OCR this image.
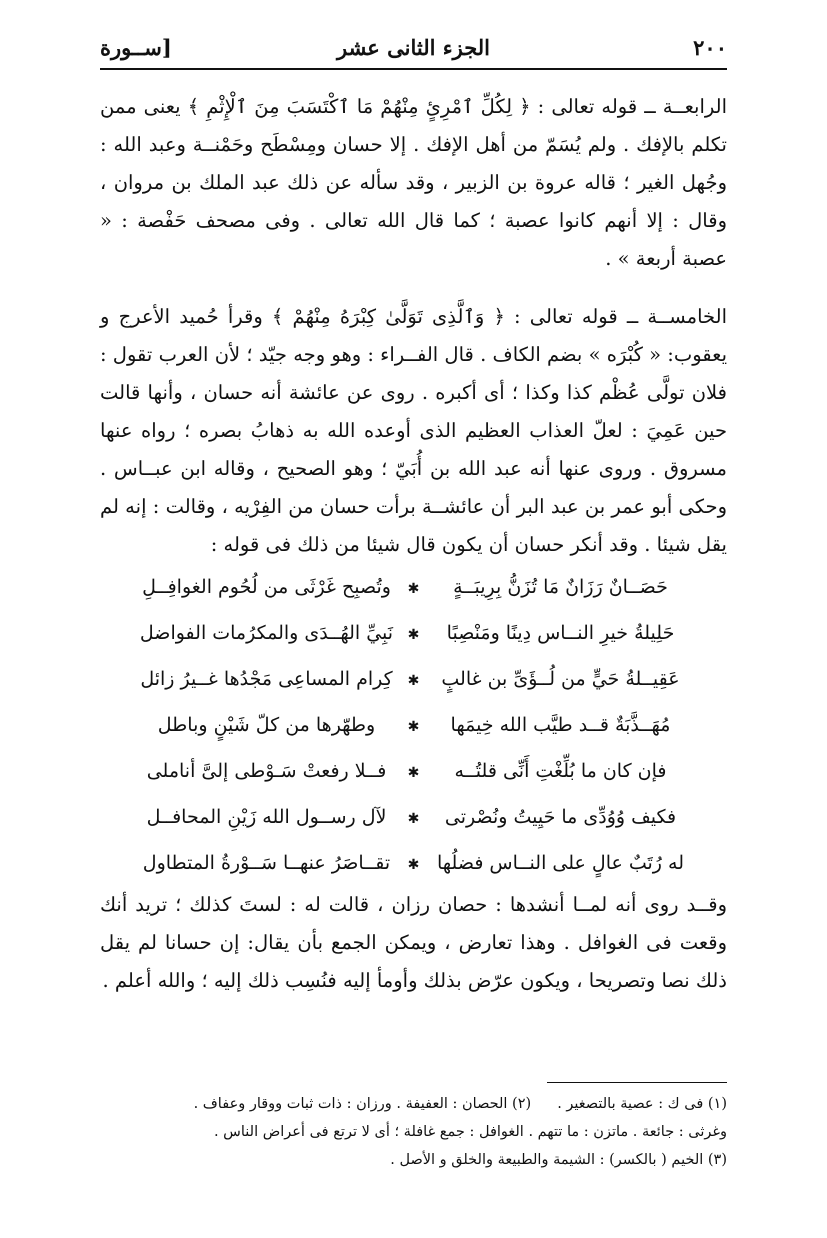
٢٠٠
الجزء الثانى عشر
[ســورة

الرابعــة ــ قوله تعالى : ﴿ لِكُلِّ ٱمْرِئٍ مِنْهُمْ مَا ٱكْتَسَبَ مِنَ ٱلْإِثْمِ ﴾ يعنى ممن تكلم بالإفك . ولم يُسَمّ من أهل الإفك . إلا حسان ومِسْطَح وحَمْنــة وعبد الله : وجُهل الغير ؛ قاله عروة بن الزبير ، وقد سأله عن ذلك عبد الملك بن مروان ، وقال : إلا أنهم كانوا عصبة ؛ كما قال الله تعالى . وفى مصحف حَفْصة : « عصبة أربعة » .

الخامســة ــ قوله تعالى : ﴿ وَٱلَّذِى تَوَلَّىٰ كِبْرَهُ مِنْهُمْ ﴾ وقرأ حُميد الأعرج و يعقوب: « كُبْرَه » بضم الكاف . قال الفــراء : وهو وجه جيّد ؛ لأن العرب تقول : فلان تولَّى عُظْم كذا وكذا ؛ أى أكبره . روى عن عائشة أنه حسان ، وأنها قالت حين عَمِيَ : لعلّ العذاب العظيم الذى أوعده الله به ذهابُ بصره ؛ رواه عنها مسروق . وروى عنها أنه عبد الله بن أُبَيّ ؛ وهو الصحيح ، وقاله ابن عبــاس . وحكى أبو عمر بن عبد البر أن عائشــة برأت حسان من الفِرْيه ، وقالت : إنه لم يقل شيئا . وقد أنكر حسان أن يكون قال شيئا من ذلك فى قوله :

حَصَــانٌ رَزَانٌ مَا تُزَنُّ بِرِيبَــةٍ
✱
وتُصبِح غَرْثَى من لُحُوم الغوافِــلِ
حَلِيلةُ خيرِ النــاس دِينًا ومَنْصِبًا
✱
نَبِيِّ الهُــدَى والمكرُمات الفواضل
عَقِيــلةُ حَيٍّ من لُــؤَىِّ بن غالبٍ
✱
كِرام المساعِى مَجْدُها غــيرُ زائل
مُهَــذَّبَةٌ قــد طيَّب الله خِيمَها
✱
وطهّرها من كلّ شَيْنٍ وباطل
فإن كان ما بُلِّغْتِ أَنِّى قلتُــه
✱
فــلا رفعتْ سَـوْطى إلىَّ أناملى
فكيف وُوُدِّى ما حَيِيتُ ونُصْرتى
✱
لآل رســول الله زَيْنِ المحافــل
له رُتَبٌ عالٍ على النــاس فضلُها
✱
تقــاصَرُ عنهــا سَــوْرةُ المتطاول

وقــد روى أنه لمــا أنشدها : حصان رزان ، قالت له : لستَ كذلك ؛ تريد أنك وقعت فى الغوافل . وهذا تعارض ، ويمكن الجمع بأن يقال: إن حسانا لم يقل ذلك نصا وتصريحا ، ويكون عرّض بذلك وأومأ إليه فنُسِب ذلك إليه ؛ والله أعلم .

(١) فى ك : عصية بالتصغير .
(٢) الحصان : العفيفة . ورزان : ذات ثبات ووقار وعفاف .
وغرثى : جائعة . ماتزن : ما تتهم . الغوافل : جمع غافلة ؛ أى لا ترتع فى أعراض الناس .
(٣) الخيم ( بالكسر) : الشيمة والطبيعة والخلق و الأصل .
